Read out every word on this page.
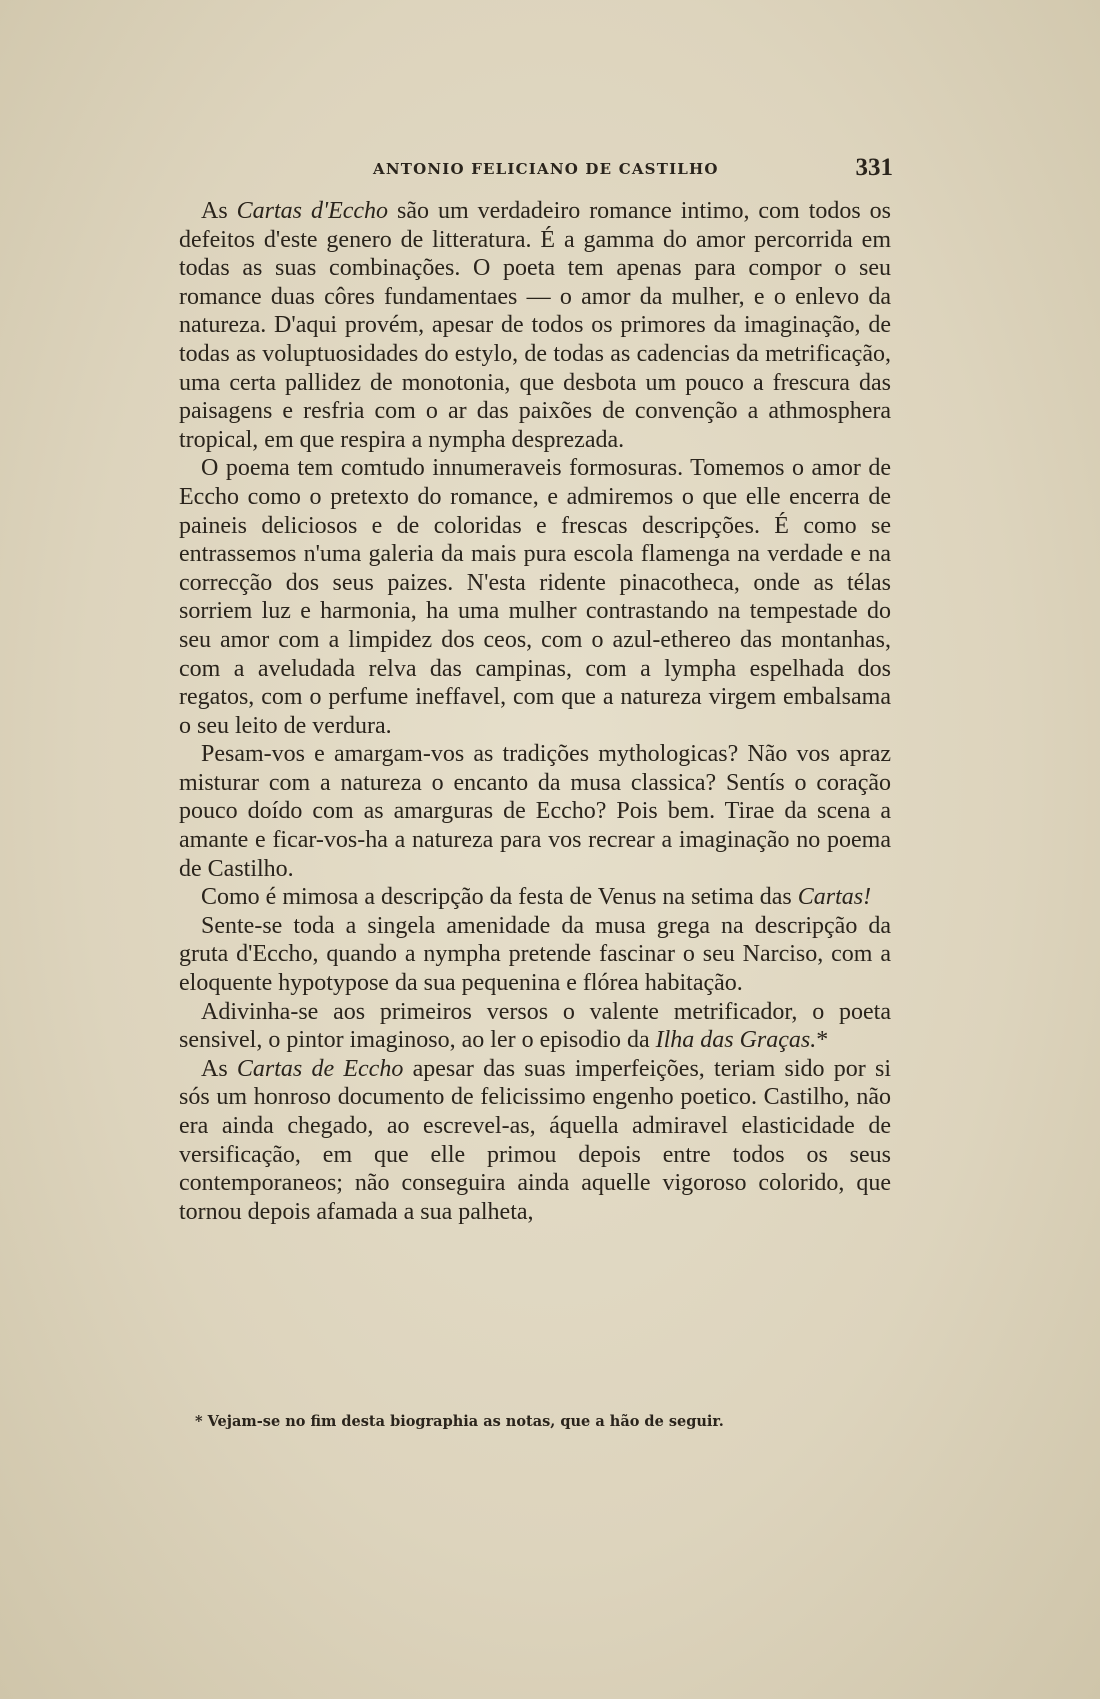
ANTONIO FELICIANO DE CASTILHO	331

As Cartas d'Eccho são um verdadeiro romance intimo, com todos os defeitos d'este genero de litteratura. É a gamma do amor percorrida em todas as suas combinações. O poeta tem apenas para compor o seu romance duas côres fundamentaes — o amor da mulher, e o enlevo da natureza. D'aqui provém, apesar de todos os primores da imaginação, de todas as voluptuosidades do estylo, de todas as cadencias da metrificação, uma certa pallidez de monotonia, que desbota um pouco a frescura das paisagens e resfria com o ar das paixões de convenção a athmosphera tropical, em que respira a nympha desprezada.

O poema tem comtudo innumeraveis formosuras. Tomemos o amor de Eccho como o pretexto do romance, e admiremos o que elle encerra de paineis deliciosos e de coloridas e frescas descripções. É como se entrassemos n'uma galeria da mais pura escola flamenga na verdade e na correcção dos seus paizes. N'esta ridente pinacotheca, onde as télas sorriem luz e harmonia, ha uma mulher contrastando na tempestade do seu amor com a limpidez dos ceos, com o azul-ethereo das montanhas, com a aveludada relva das campinas, com a lympha espelhada dos regatos, com o perfume ineffavel, com que a natureza virgem embalsama o seu leito de verdura.

Pesam-vos e amargam-vos as tradições mythologicas? Não vos apraz misturar com a natureza o encanto da musa classica? Sentís o coração pouco doído com as amarguras de Eccho? Pois bem. Tirae da scena a amante e ficar-vos-ha a natureza para vos recrear a imaginação no poema de Castilho.

Como é mimosa a descripção da festa de Venus na setima das Cartas!

Sente-se toda a singela amenidade da musa grega na descripção da gruta d'Eccho, quando a nympha pretende fascinar o seu Narciso, com a eloquente hypotypose da sua pequenina e flórea habitação.

Adivinha-se aos primeiros versos o valente metrificador, o poeta sensivel, o pintor imaginoso, ao ler o episodio da Ilha das Graças.*

As Cartas de Eccho apesar das suas imperfeições, teriam sido por si sós um honroso documento de felicissimo engenho poetico. Castilho, não era ainda chegado, ao escrevel-as, áquella admiravel elasticidade de versificação, em que elle primou depois entre todos os seus contemporaneos; não conseguira ainda aquelle vigoroso colorido, que tornou depois afamada a sua palheta,

* Vejam-se no fim desta biographia as notas, que a hão de seguir.
